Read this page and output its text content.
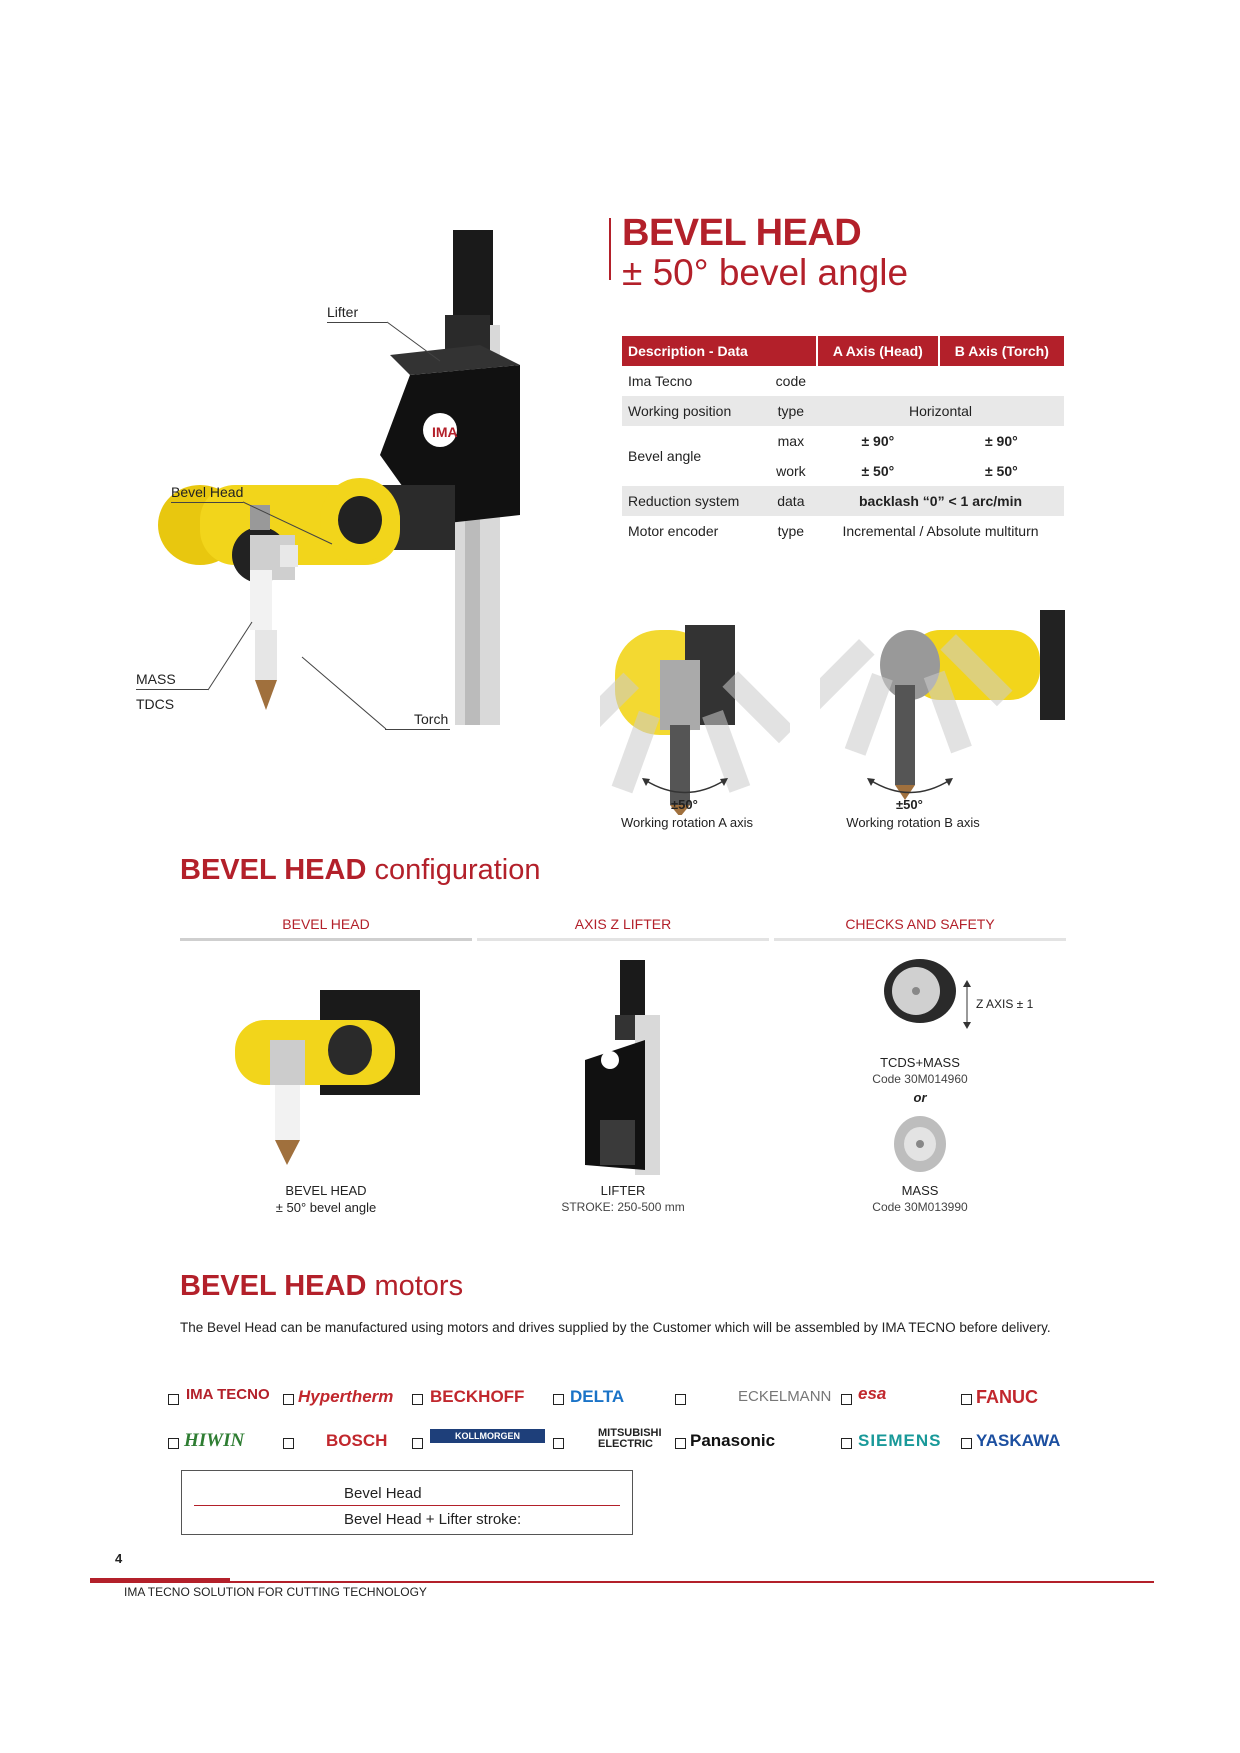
BEVEL HEAD
± 50° bevel angle
IMA
Lifter
Bevel Head
MASS
TDCS
Torch
Description - Data		A Axis (Head)	B Axis (Torch)
Ima Tecno	code		
Working position	type	Horizontal	
Bevel angle	max	± 90°	± 90°
	work	± 50°	± 50°
Reduction system	data	backlash “0” < 1 arc/min	
Motor encoder	type	Incremental / Absolute multiturn	
±50°
Working rotation A axis
±50°
Working rotation B axis
BEVEL HEAD configuration
BEVEL HEAD	AXIS Z LIFTER	CHECKS AND SAFETY
BEVEL HEAD
± 50° bevel angle
LIFTER
STROKE: 250-500 mm
Z AXIS ± 1
TCDS+MASS
Code 30M014960
or
MASS
Code 30M013990
BEVEL HEAD motors
The Bevel Head can be manufactured using motors and drives supplied by the Customer which will be assembled by IMA TECNO before delivery.
IMA TECNO Hypertherm BECKHOFF	DELTA	ECKELMANN esa	FANUC
HIWIN	BOSCH	KOLLMORGEN	MITSUBISHI ELECTRIC	Panasonic	SIEMENS YASKAWA
Bevel Head
Bevel Head + Lifter stroke:
4
IMA TECNO SOLUTION FOR CUTTING TECHNOLOGY
